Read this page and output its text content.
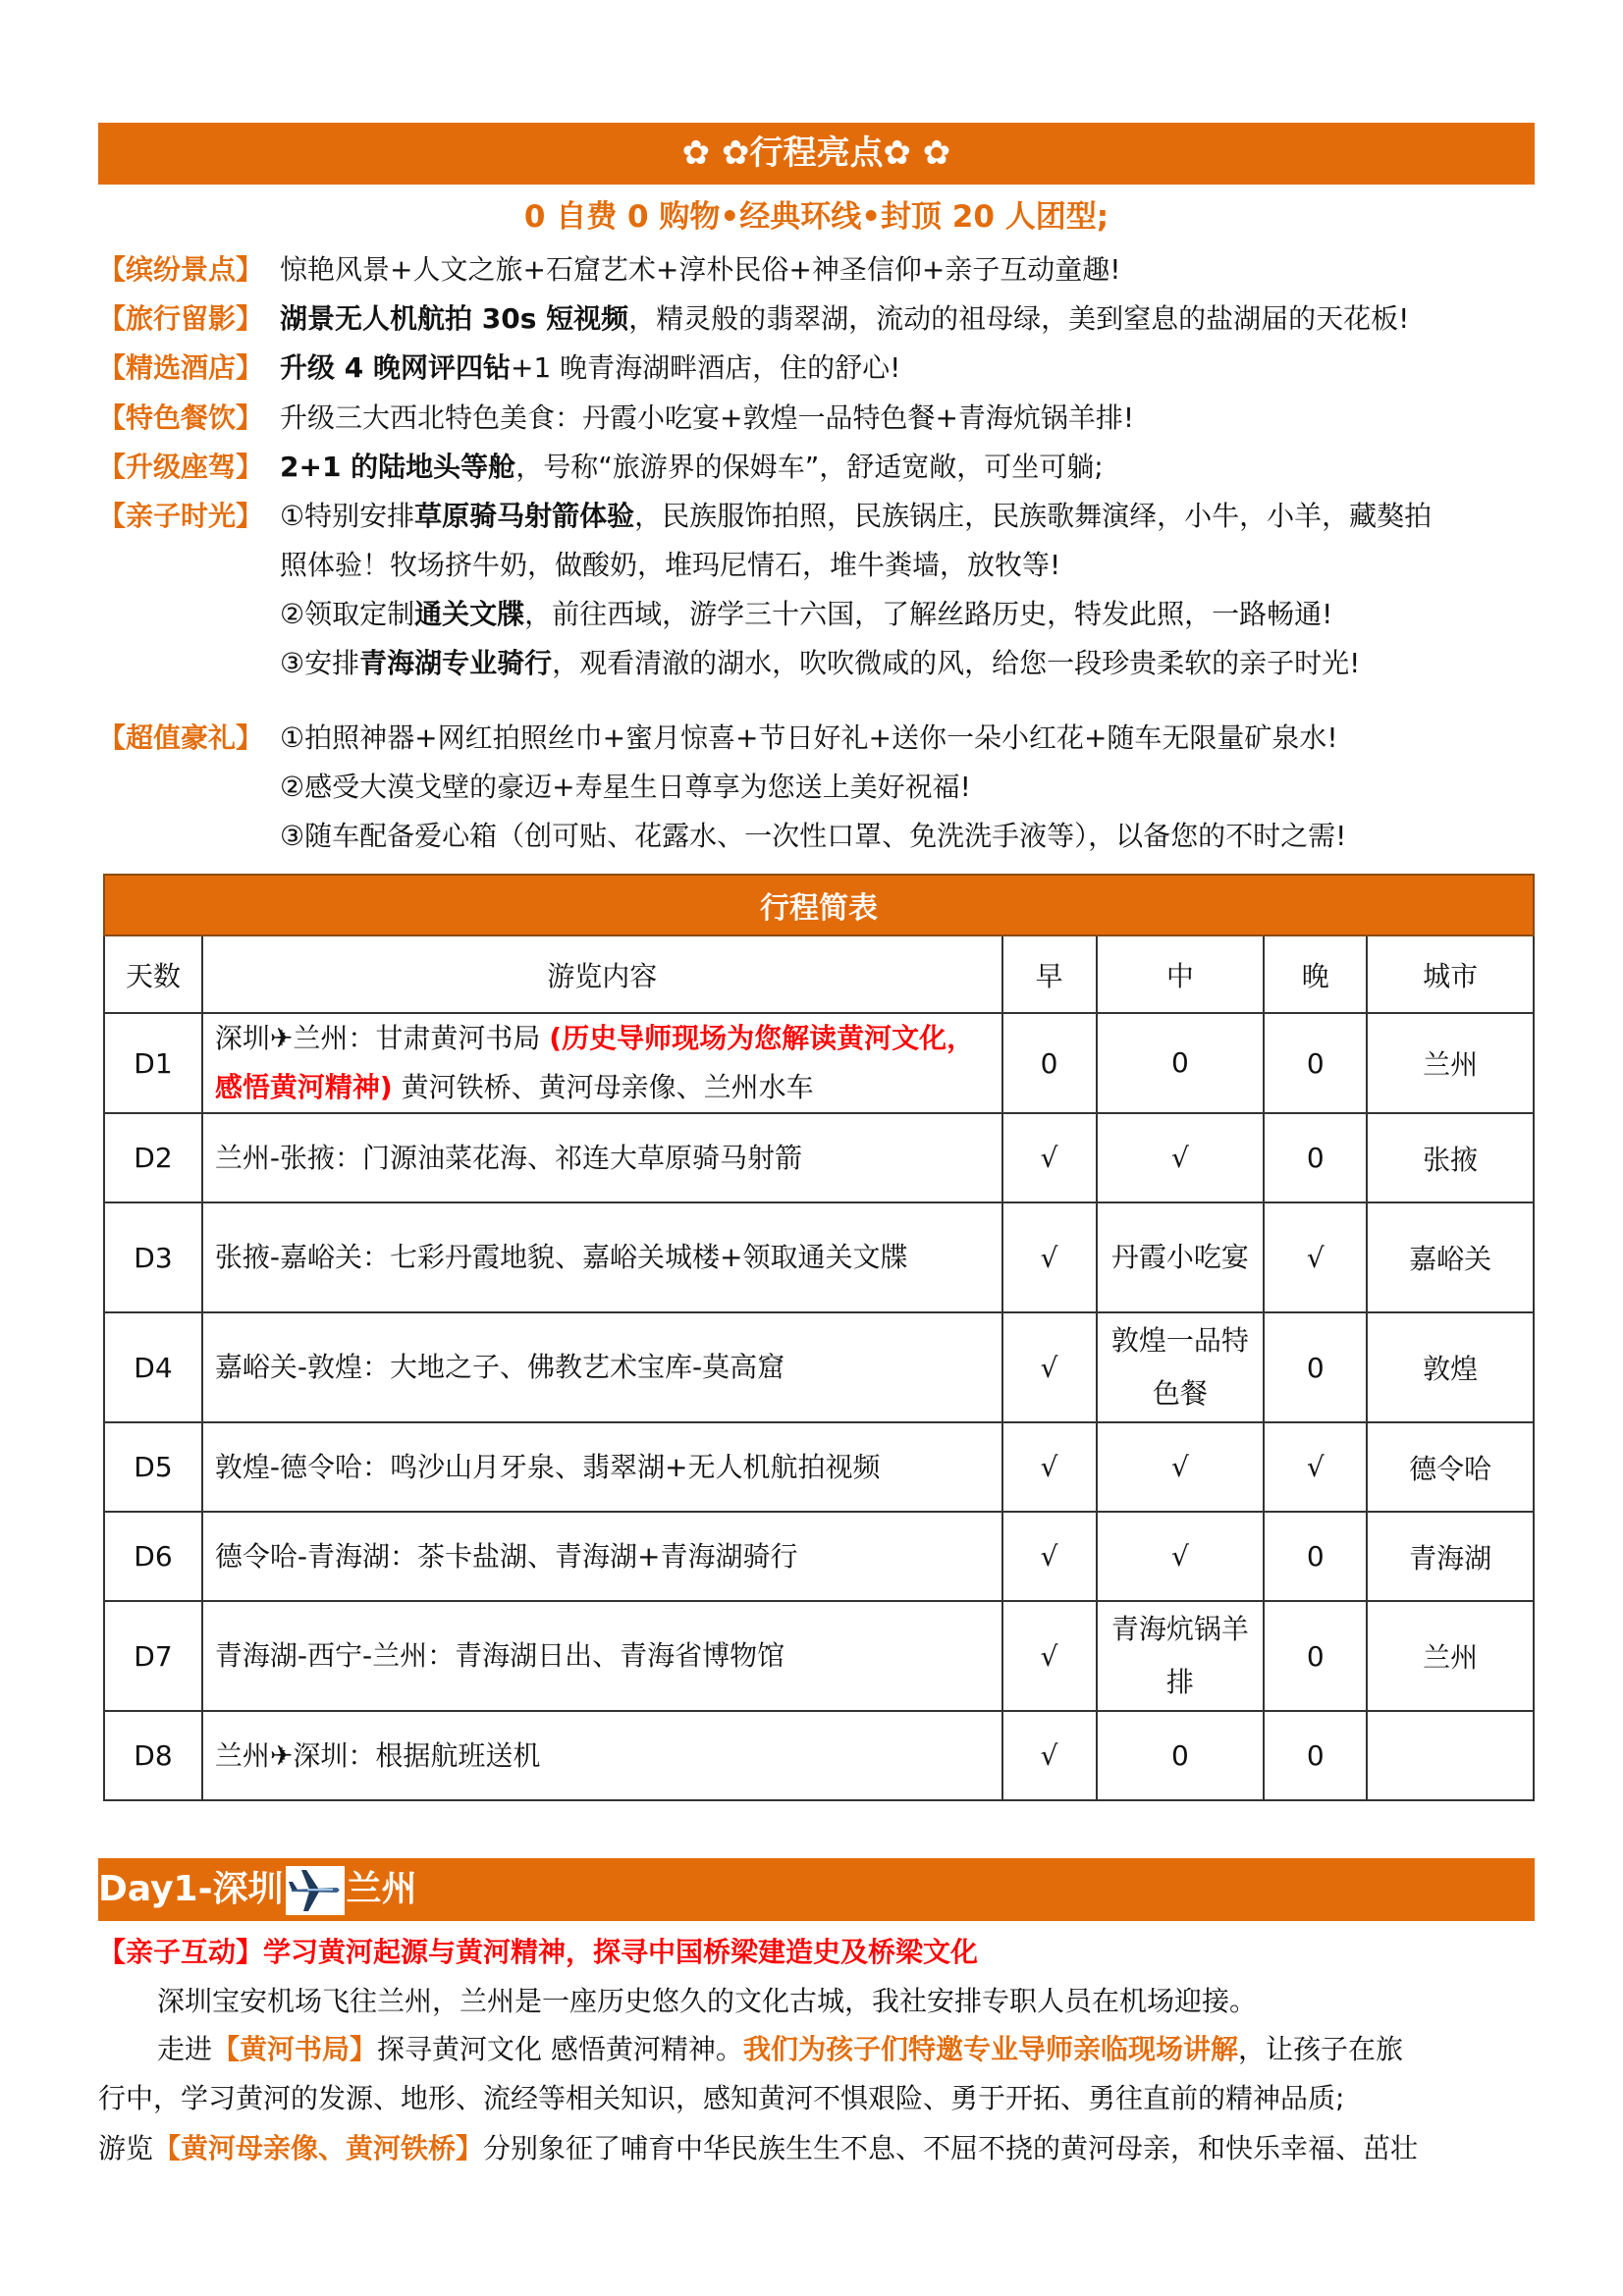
✿ ✿行程亮点✿ ✿
0 自费 0 购物•经典环线•封顶 20 人团型;
【缤纷景点】 惊艳风景+人文之旅+石窟艺术+淳朴民俗+神圣信仰+亲子互动童趣!
【旅行留影】 湖景无人机航拍 30s 短视频，精灵般的翡翠湖，流动的祖母绿，美到窒息的盐湖届的天花板!
【精选酒店】 升级 4 晚网评四钻+1 晚青海湖畔酒店，住的舒心!
【特色餐饮】 升级三大西北特色美食：丹霞小吃宴+敦煌一品特色餐+青海炕锅羊排!
【升级座驾】 2+1 的陆地头等舱，号称“旅游界的保姆车”，舒适宽敞，可坐可躺;
【亲子时光】 ①特别安排草原骑马射箭体验，民族服饰拍照，民族锅庄，民族歌舞演绎，小牛，小羊，藏獒拍
照体验！牧场挤牛奶，做酸奶，堆玛尼情石，堆牛粪墙，放牧等!
②领取定制通关文牒，前往西域，游学三十六国，了解丝路历史，特发此照，一路畅通!
③安排青海湖专业骑行，观看清澈的湖水，吹吹微咸的风，给您一段珍贵柔软的亲子时光!
【超值豪礼】 ①拍照神器+网红拍照丝巾+蜜月惊喜+节日好礼+送你一朵小红花+随车无限量矿泉水!
②感受大漠戈壁的豪迈+寿星生日尊享为您送上美好祝福!
③随车配备爱心箱（创可贴、花露水、一次性口罩、免洗洗手液等），以备您的不时之需!
行程简表					
天数	游览内容	早	中	晚	城市
D1	深圳✈兰州：甘肃黄河书局 (历史导师现场为您解读黄河文化，感悟黄河精神) 黄河铁桥、黄河母亲像、兰州水车	0	0	0	兰州
D2	兰州-张掖：门源油菜花海、祁连大草原骑马射箭	√	√	0	张掖
D3	张掖-嘉峪关：七彩丹霞地貌、嘉峪关城楼+领取通关文牒	√	丹霞小吃宴	√	嘉峪关
D4	嘉峪关-敦煌：大地之子、佛教艺术宝库-莫高窟	√	敦煌一品特色餐	0	敦煌
D5	敦煌-德令哈：鸣沙山月牙泉、翡翠湖+无人机航拍视频	√	√	√	德令哈
D6	德令哈-青海湖：茶卡盐湖、青海湖+青海湖骑行	√	√	0	青海湖
D7	青海湖-西宁-兰州：青海湖日出、青海省博物馆	√	青海炕锅羊排	0	兰州
D8	兰州✈深圳：根据航班送机	√	0	0	
Day1-深圳 兰州
【亲子互动】学习黄河起源与黄河精神，探寻中国桥梁建造史及桥梁文化
深圳宝安机场飞往兰州，兰州是一座历史悠久的文化古城，我社安排专职人员在机场迎接。
走进【黄河书局】探寻黄河文化 感悟黄河精神。我们为孩子们特邀专业导师亲临现场讲解，让孩子在旅
行中，学习黄河的发源、地形、流经等相关知识，感知黄河不惧艰险、勇于开拓、勇往直前的精神品质;
游览【黄河母亲像、黄河铁桥】分别象征了哺育中华民族生生不息、不屈不挠的黄河母亲，和快乐幸福、茁壮
